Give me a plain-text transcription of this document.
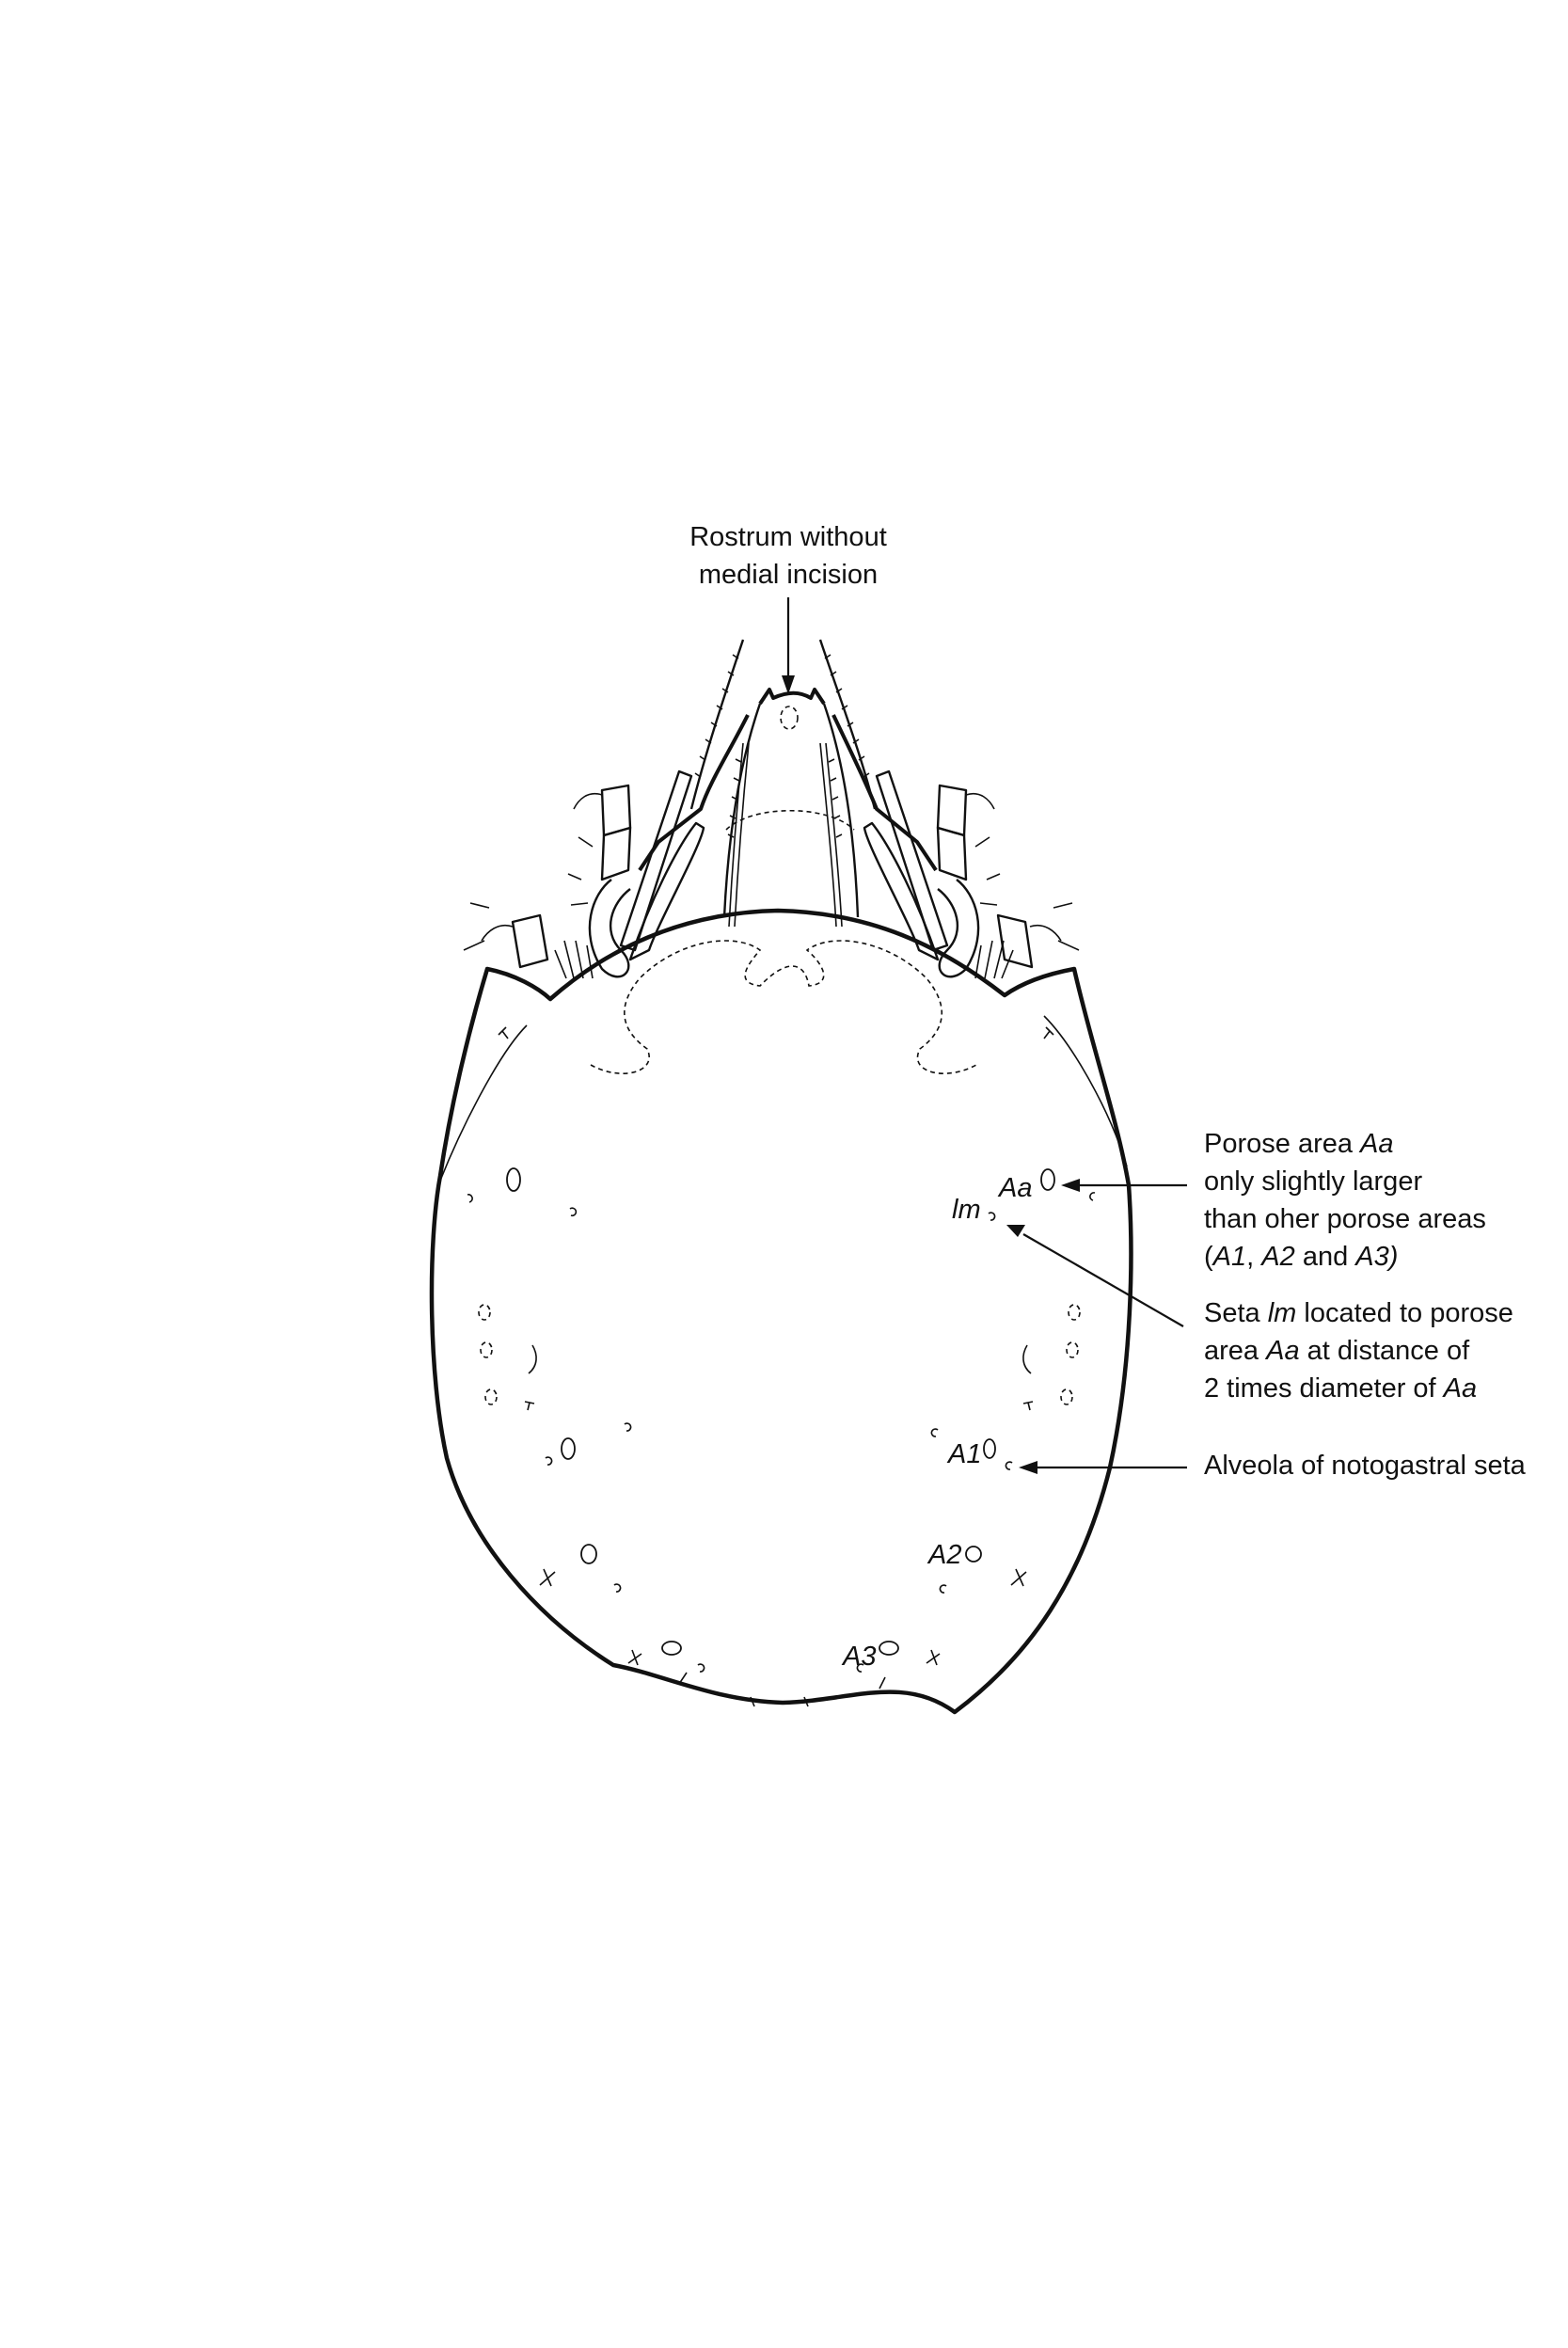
Aa
lm
A1
A2
A3
Rostrum without
medial incision
Porose area Aa
only slightly larger
than oher porose areas
(A1, A2 and A3)
Seta lm located to porose
area Aa at distance of
2 times diameter of Aa
Alveola of notogastral seta
